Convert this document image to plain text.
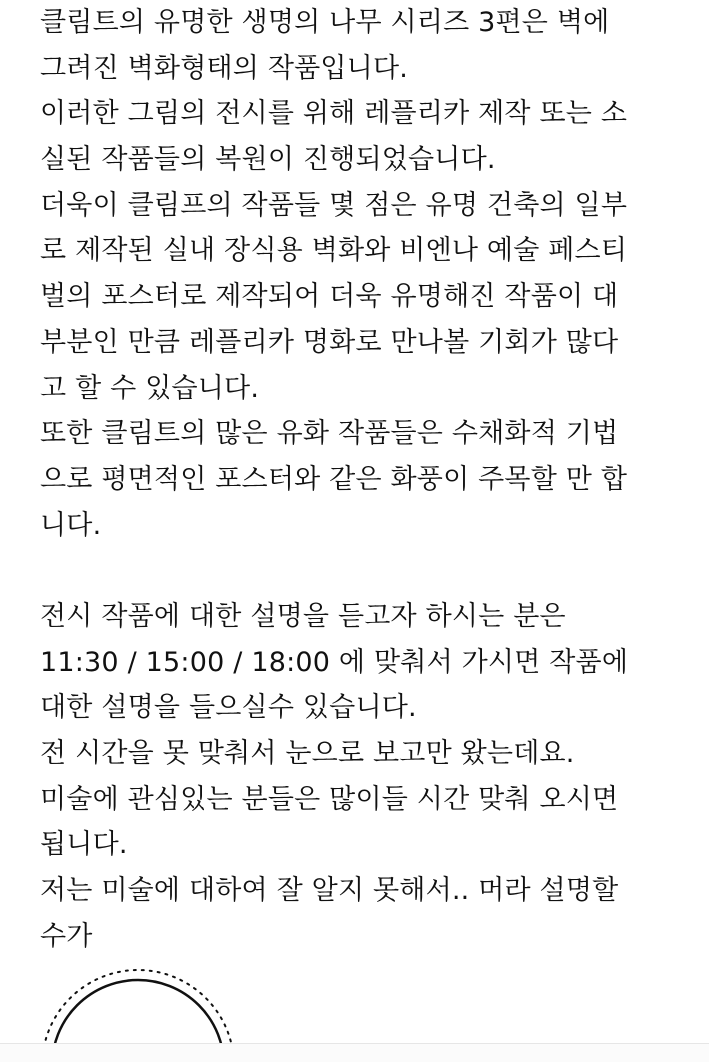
클림트의 유명한 생명의 나무 시리즈 3편은 벽에
그려진 벽화형태의 작품입니다.
이러한 그림의 전시를 위해 레플리카 제작 또는 소
실된 작품들의 복원이 진행되었습니다.
더욱이 클림프의 작품들 몇 점은 유명 건축의 일부
로 제작된 실내 장식용 벽화와 비엔나 예술 페스티
벌의 포스터로 제작되어 더욱 유명해진 작품이 대
부분인 만큼 레플리카 명화로 만나볼 기회가 많다
고 할 수 있습니다.
또한 클림트의 많은 유화 작품들은 수채화적 기법
으로 평면적인 포스터와 같은 화풍이 주목할 만 합
니다.
전시 작품에 대한 설명을 듣고자 하시는 분은
11:30 / 15:00 / 18:00 에 맞춰서 가시면 작품에
대한 설명을 들으실수 있습니다.
전 시간을 못 맞춰서 눈으로 보고만 왔는데요.
미술에 관심있는 분들은 많이들 시간 맞춰 오시면
됩니다.
저는 미술에 대하여 잘 알지 못해서.. 머라 설명할
수가
